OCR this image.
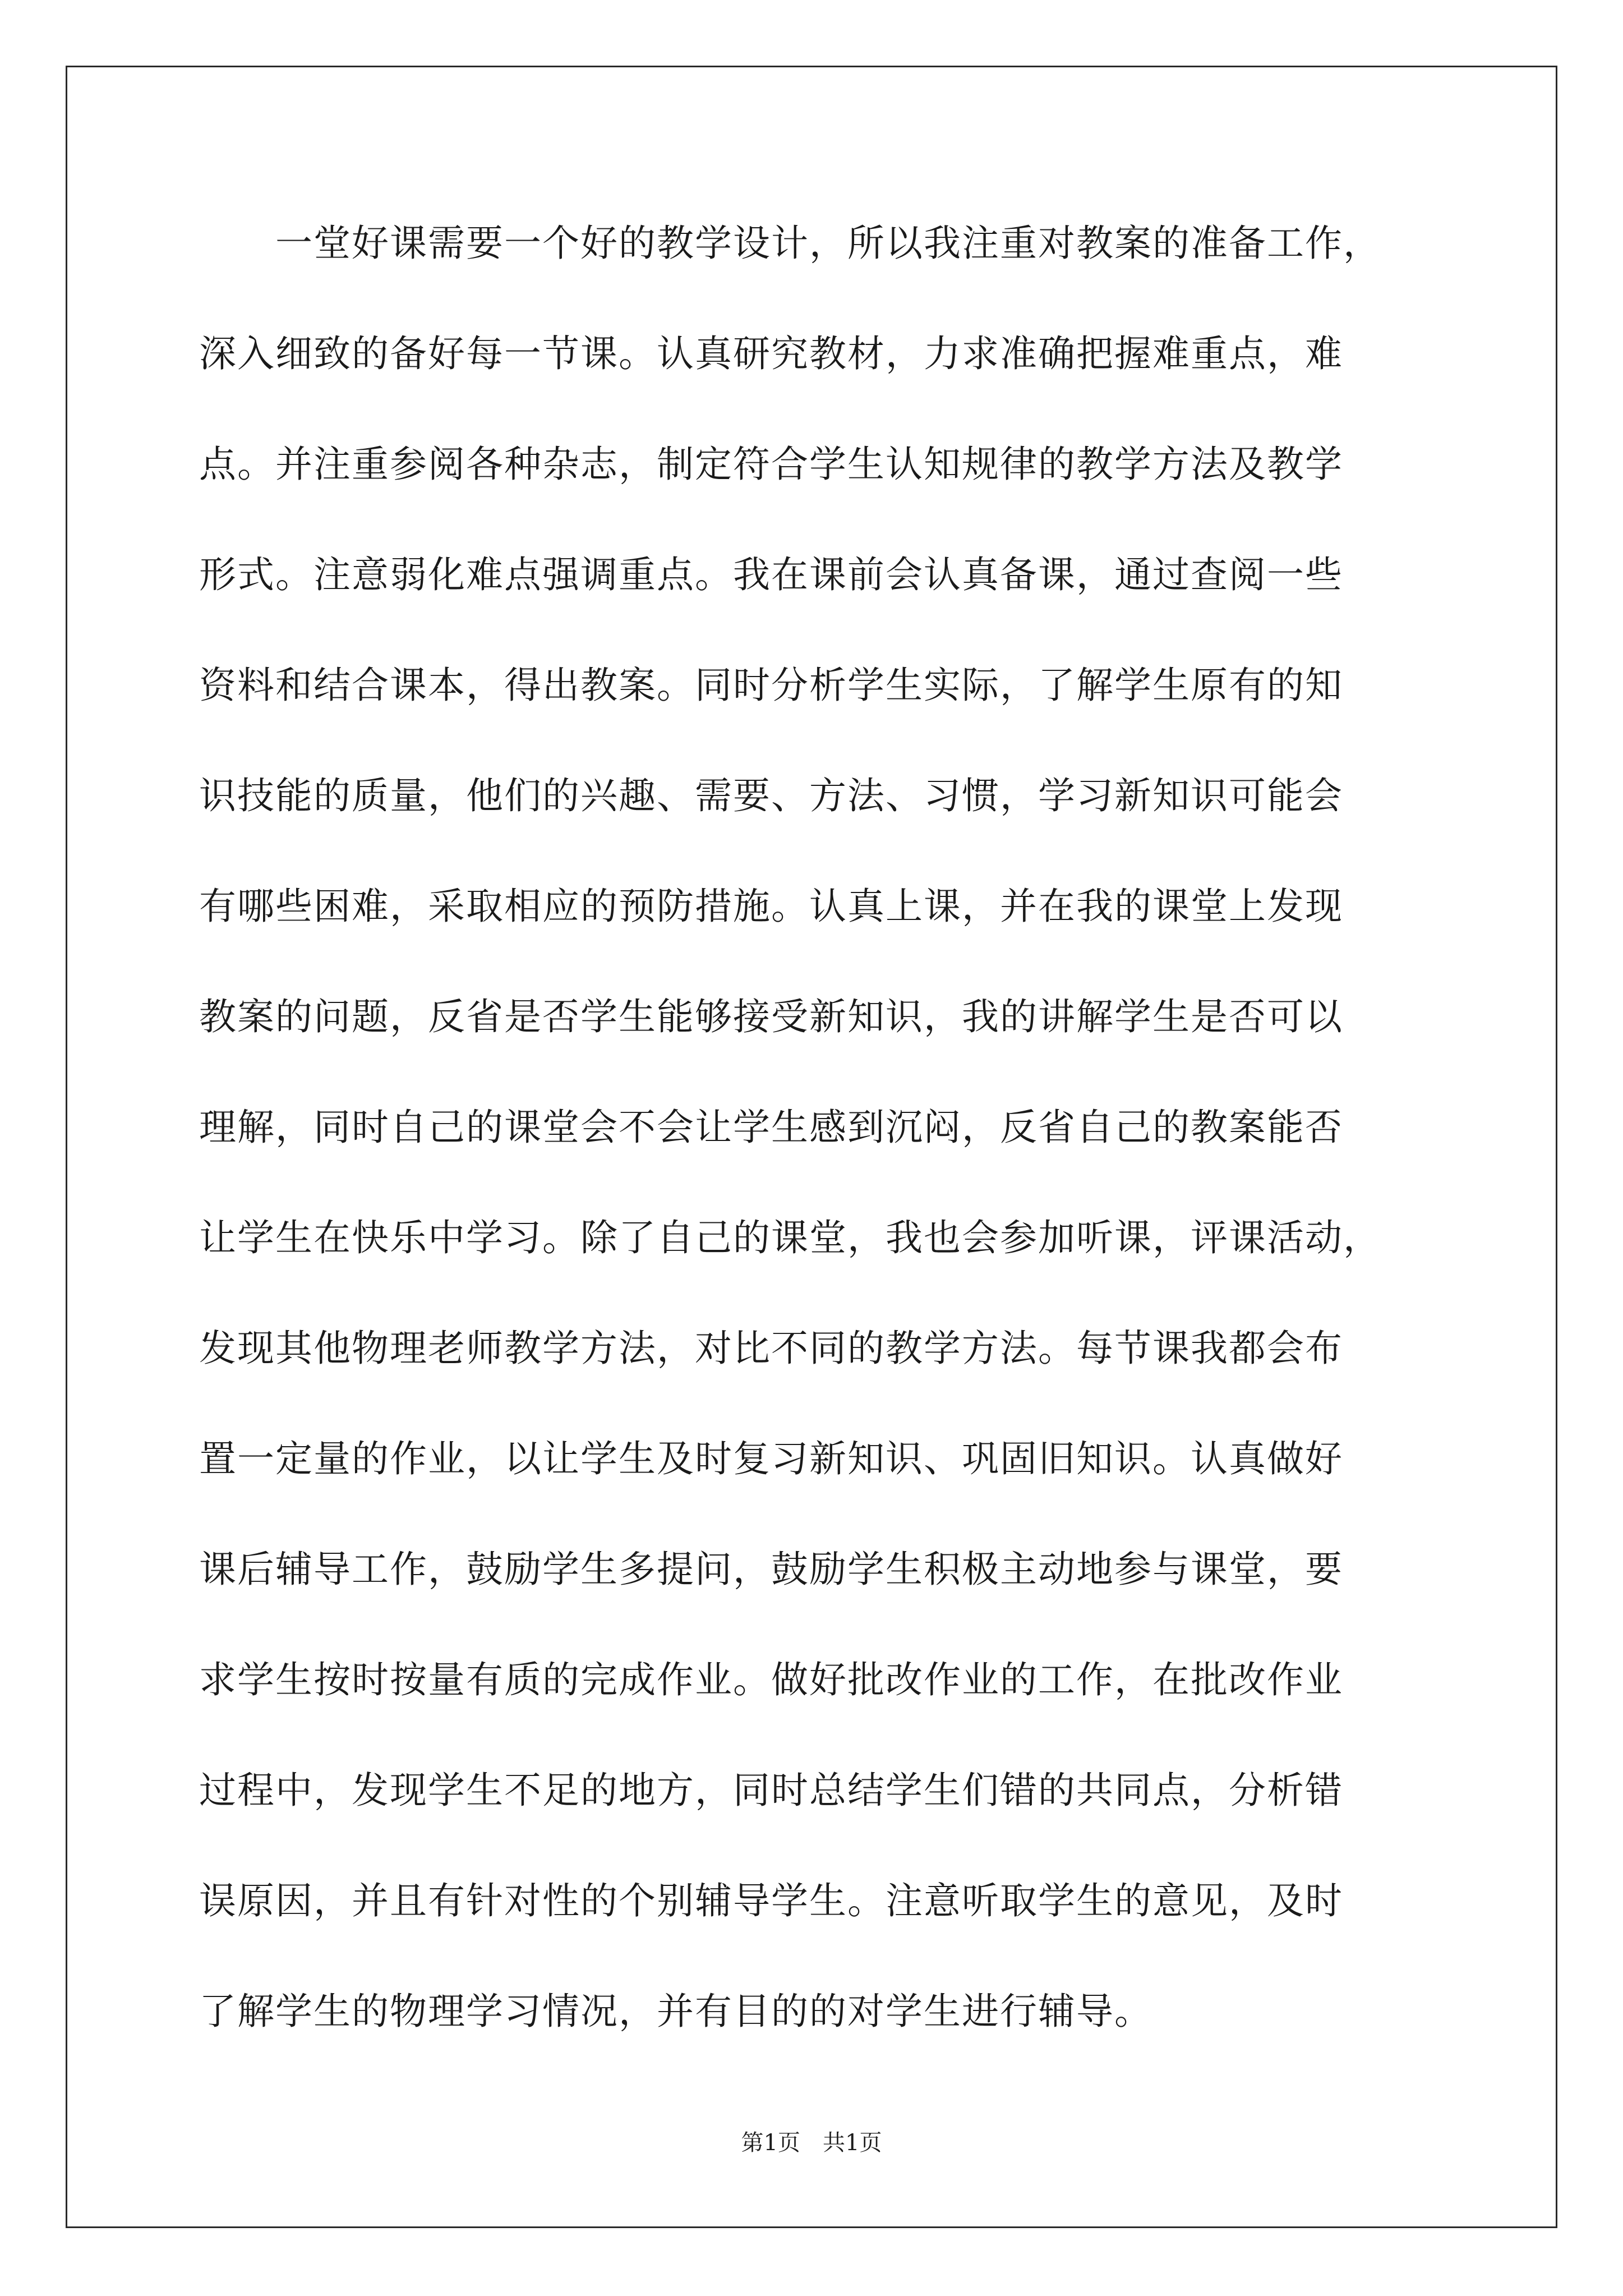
　　一堂好课需要一个好的教学设计，所以我注重对教案的准备工作，
深入细致的备好每一节课。认真研究教材，力求准确把握难重点，难
点。并注重参阅各种杂志，制定符合学生认知规律的教学方法及教学
形式。注意弱化难点强调重点。我在课前会认真备课，通过查阅一些
资料和结合课本，得出教案。同时分析学生实际，了解学生原有的知
识技能的质量，他们的兴趣、需要、方法、习惯，学习新知识可能会
有哪些困难，采取相应的预防措施。认真上课，并在我的课堂上发现
教案的问题，反省是否学生能够接受新知识，我的讲解学生是否可以
理解，同时自己的课堂会不会让学生感到沉闷，反省自己的教案能否
让学生在快乐中学习。除了自己的课堂，我也会参加听课，评课活动，
发现其他物理老师教学方法，对比不同的教学方法。每节课我都会布
置一定量的作业，以让学生及时复习新知识、巩固旧知识。认真做好
课后辅导工作，鼓励学生多提问，鼓励学生积极主动地参与课堂，要
求学生按时按量有质的完成作业。做好批改作业的工作，在批改作业
过程中，发现学生不足的地方，同时总结学生们错的共同点，分析错
误原因，并且有针对性的个别辅导学生。注意听取学生的意见，及时
了解学生的物理学习情况，并有目的的对学生进行辅导。
第1页 共1页
